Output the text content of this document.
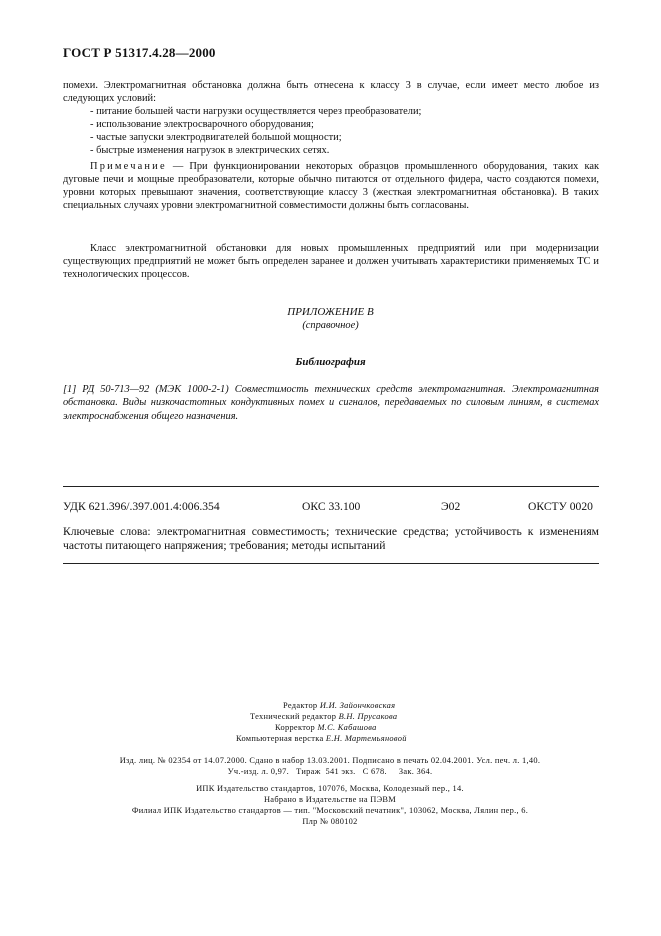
ГОСТ Р 51317.4.28—2000
помехи. Электромагнитная обстановка должна быть отнесена к классу 3 в случае, если имеет место любое из следующих условий:
- питание большей части нагрузки осуществляется через преобразователи;
- использование электросварочного оборудования;
- частые запуски электродвигателей большой мощности;
- быстрые изменения нагрузок в электрических сетях.
Примечание — При функционировании некоторых образцов промышленного оборудования, таких как дуговые печи и мощные преобразователи, которые обычно питаются от отдельного фидера, часто создаются помехи, уровни которых превышают значения, соответствующие классу 3 (жесткая электромагнитная обстановка). В таких специальных случаях уровни электромагнитной совместимости должны быть согласованы.
Класс электромагнитной обстановки для новых промышленных предприятий или при модернизации существующих предприятий не может быть определен заранее и должен учитывать характеристики применяемых ТС и технологических процессов.
ПРИЛОЖЕНИЕ В
(справочное)
Библиография
[1] РД 50-713—92 (МЭК 1000-2-1) Совместимость технических средств электромагнитная. Электромагнитная обстановка. Виды низкочастотных кондуктивных помех и сигналов, передаваемых по силовым линиям, в системах электроснабжения общего назначения.
УДК 621.396/.397.001.4:006.354	ОКС 33.100	Э02	ОКСТУ 0020
Ключевые слова: электромагнитная совместимость; технические средства; устойчивость к изменениям частоты питающего напряжения; требования; методы испытаний
Редактор И.И. Зайончковская
Технический редактор В.Н. Прусакова
Корректор М.С. Кабашова
Компьютерная верстка Е.Н. Мартемьяновой
Изд. лиц. № 02354 от 14.07.2000. Сдано в набор 13.03.2001. Подписано в печать 02.04.2001. Усл. печ. л. 1,40.
Уч.-изд. л. 0,97.   Тираж  541 экз.   С 678.     Зак. 364.
ИПК Издательство стандартов, 107076, Москва, Колодезный пер., 14.
Набрано в Издательстве на ПЭВМ
Филиал ИПК Издательство стандартов — тип. "Московский печатник", 103062, Москва, Лялин пер., 6.
Плр № 080102
